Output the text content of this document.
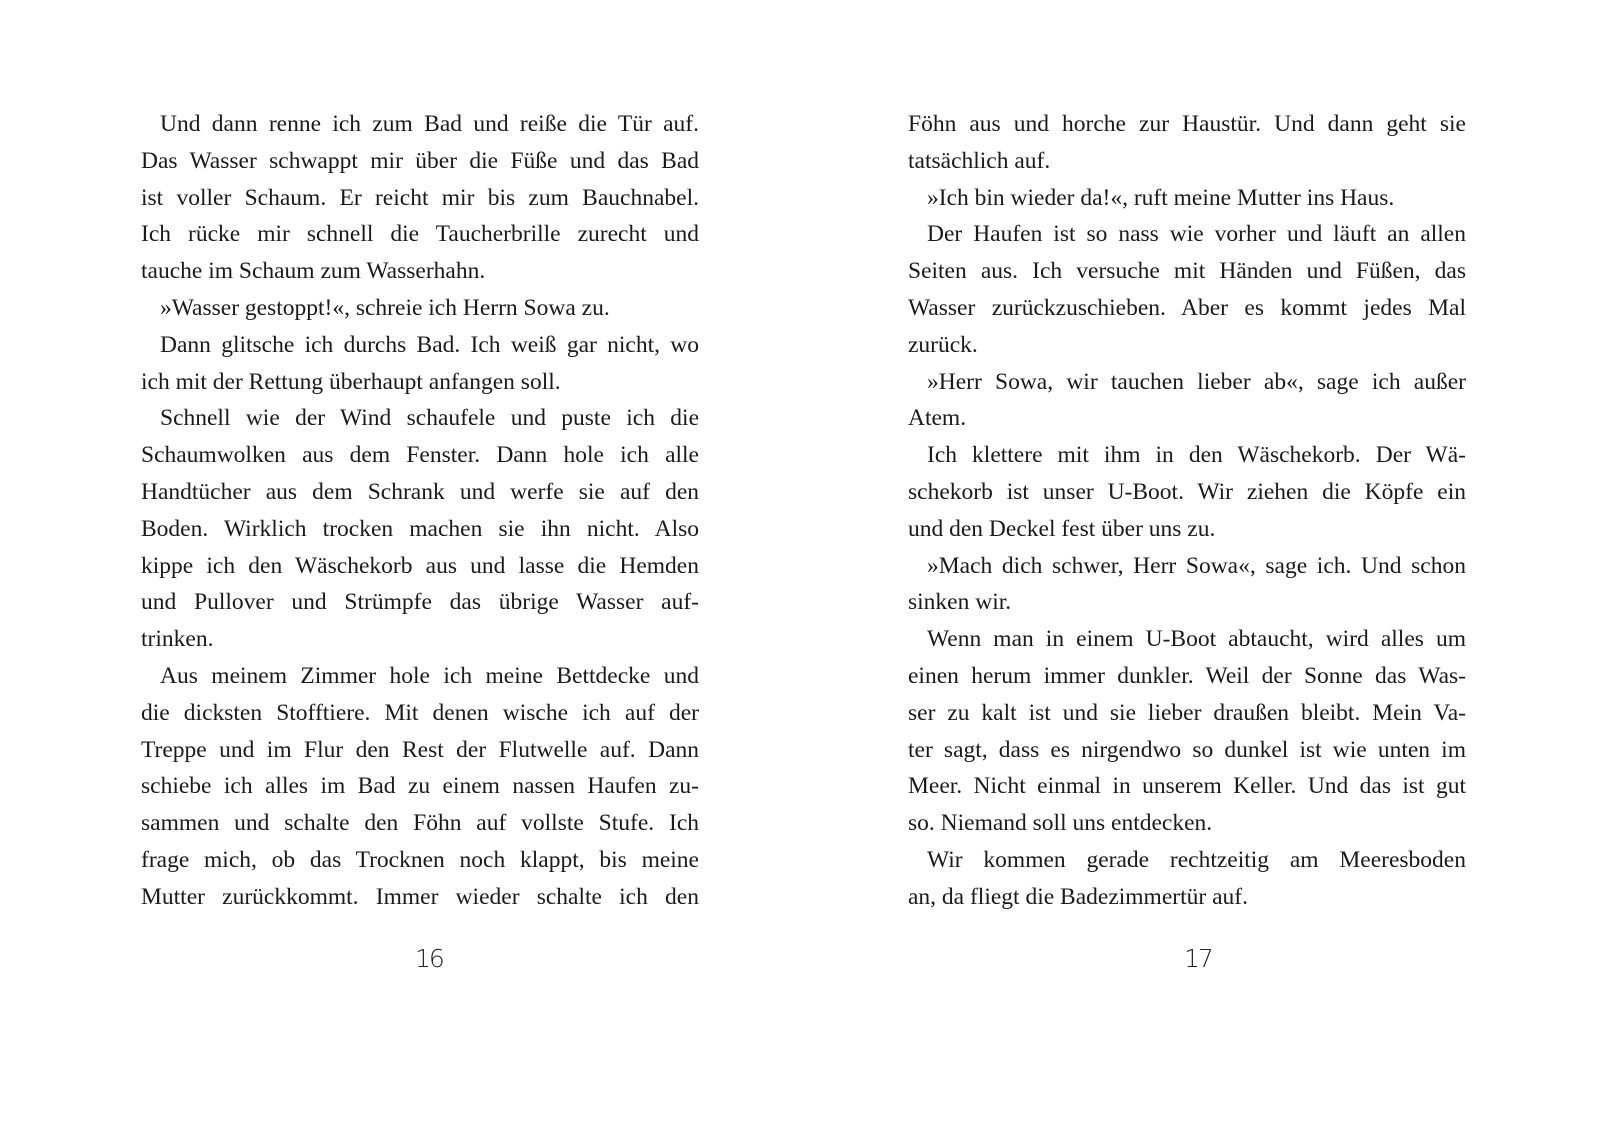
Und dann renne ich zum Bad und reiße die Tür auf.
Das Wasser schwappt mir über die Füße und das Bad
ist voller Schaum. Er reicht mir bis zum Bauchnabel.
Ich rücke mir schnell die Taucherbrille zurecht und
tauche im Schaum zum Wasserhahn.
»Wasser gestoppt!«, schreie ich Herrn Sowa zu.
Dann glitsche ich durchs Bad. Ich weiß gar nicht, wo
ich mit der Rettung überhaupt anfangen soll.
Schnell wie der Wind schaufele und puste ich die
Schaumwolken aus dem Fenster. Dann hole ich alle
Handtücher aus dem Schrank und werfe sie auf den
Boden. Wirklich trocken machen sie ihn nicht. Also
kippe ich den Wäschekorb aus und lasse die Hemden
und Pullover und Strümpfe das übrige Wasser auf-
trinken.
Aus meinem Zimmer hole ich meine Bettdecke und
die dicksten Stofftiere. Mit denen wische ich auf der
Treppe und im Flur den Rest der Flutwelle auf. Dann
schiebe ich alles im Bad zu einem nassen Haufen zu-
sammen und schalte den Föhn auf vollste Stufe. Ich
frage mich, ob das Trocknen noch klappt, bis meine
Mutter zurückkommt. Immer wieder schalte ich den
16
Föhn aus und horche zur Haustür. Und dann geht sie
tatsächlich auf.
»Ich bin wieder da!«, ruft meine Mutter ins Haus.
Der Haufen ist so nass wie vorher und läuft an allen
Seiten aus. Ich versuche mit Händen und Füßen, das
Wasser zurückzuschieben. Aber es kommt jedes Mal
zurück.
»Herr Sowa, wir tauchen lieber ab«, sage ich außer
Atem.
Ich klettere mit ihm in den Wäschekorb. Der Wä-
schekorb ist unser U-Boot. Wir ziehen die Köpfe ein
und den Deckel fest über uns zu.
»Mach dich schwer, Herr Sowa«, sage ich. Und schon
sinken wir.
Wenn man in einem U-Boot abtaucht, wird alles um
einen herum immer dunkler. Weil der Sonne das Was-
ser zu kalt ist und sie lieber draußen bleibt. Mein Va-
ter sagt, dass es nirgendwo so dunkel ist wie unten im
Meer. Nicht einmal in unserem Keller. Und das ist gut
so. Niemand soll uns entdecken.
Wir kommen gerade rechtzeitig am Meeresboden
an, da fliegt die Badezimmertür auf.
17
